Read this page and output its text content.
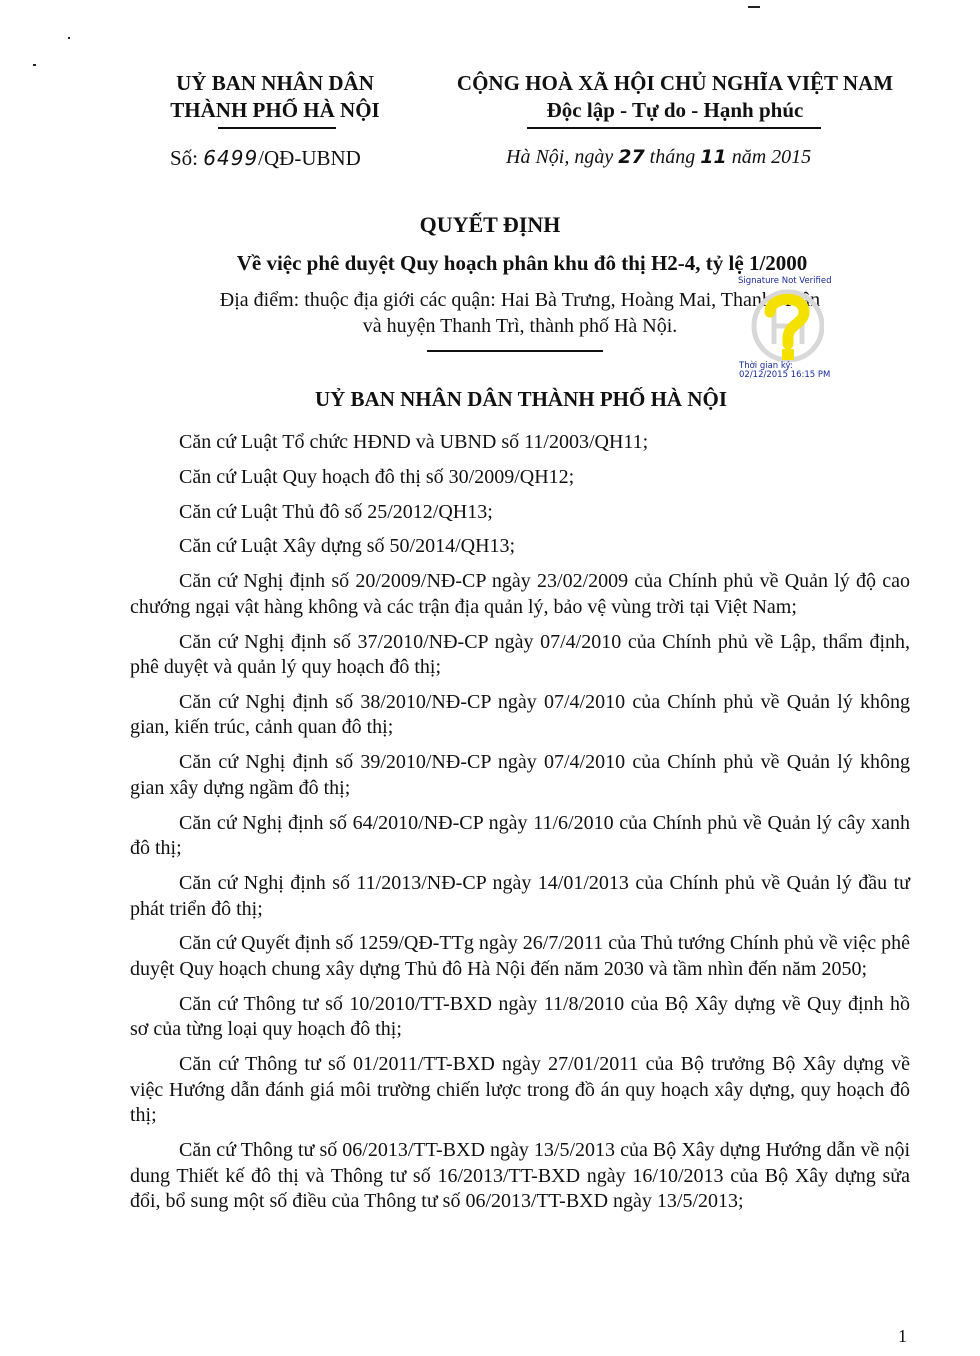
UỶ BAN NHÂN DÂN
THÀNH PHỐ HÀ NỘI
CỘNG HOÀ XÃ HỘI CHỦ NGHĨA VIỆT NAM
Độc lập - Tự do - Hạnh phúc
Số: 6499/QĐ-UBND	Hà Nội, ngày 27 tháng 11 năm 2015
QUYẾT ĐỊNH
Về việc phê duyệt Quy hoạch phân khu đô thị H2-4, tỷ lệ 1/2000
Địa điểm: thuộc địa giới các quận: Hai Bà Trưng, Hoàng Mai, Thanh Xuân
và huyện Thanh Trì, thành phố Hà Nội.
Signature Not Verified
Thời gian ký:
02/12/2015 16:15 PM
UỶ BAN NHÂN DÂN THÀNH PHỐ HÀ NỘI

Căn cứ Luật Tổ chức HĐND và UBND số 11/2003/QH11;

Căn cứ Luật Quy hoạch đô thị số 30/2009/QH12;

Căn cứ Luật Thủ đô số 25/2012/QH13;

Căn cứ Luật Xây dựng số 50/2014/QH13;

Căn cứ Nghị định số 20/2009/NĐ-CP ngày 23/02/2009 của Chính phủ về Quản lý độ cao chướng ngại vật hàng không và các trận địa quản lý, bảo vệ vùng trời tại Việt Nam;

Căn cứ Nghị định số 37/2010/NĐ-CP ngày 07/4/2010 của Chính phủ về Lập, thẩm định, phê duyệt và quản lý quy hoạch đô thị;

Căn cứ Nghị định số 38/2010/NĐ-CP ngày 07/4/2010 của Chính phủ về Quản lý không gian, kiến trúc, cảnh quan đô thị;

Căn cứ Nghị định số 39/2010/NĐ-CP ngày 07/4/2010 của Chính phủ về Quản lý không gian xây dựng ngầm đô thị;

Căn cứ Nghị định số 64/2010/NĐ-CP ngày 11/6/2010 của Chính phủ về Quản lý cây xanh đô thị;

Căn cứ Nghị định số 11/2013/NĐ-CP ngày 14/01/2013 của Chính phủ về Quản lý đầu tư phát triển đô thị;

Căn cứ Quyết định số 1259/QĐ-TTg ngày 26/7/2011 của Thủ tướng Chính phủ về việc phê duyệt Quy hoạch chung xây dựng Thủ đô Hà Nội đến năm 2030 và tầm nhìn đến năm 2050;

Căn cứ Thông tư số 10/2010/TT-BXD ngày 11/8/2010 của Bộ Xây dựng về Quy định hồ sơ của từng loại quy hoạch đô thị;

Căn cứ Thông tư số 01/2011/TT-BXD ngày 27/01/2011 của Bộ trưởng Bộ Xây dựng về việc Hướng dẫn đánh giá môi trường chiến lược trong đồ án quy hoạch xây dựng, quy hoạch đô thị;

Căn cứ Thông tư số 06/2013/TT-BXD ngày 13/5/2013 của Bộ Xây dựng Hướng dẫn về nội dung Thiết kế đô thị và Thông tư số 16/2013/TT-BXD ngày 16/10/2013 của Bộ Xây dựng sửa đổi, bổ sung một số điều của Thông tư số 06/2013/TT-BXD ngày 13/5/2013;

1
